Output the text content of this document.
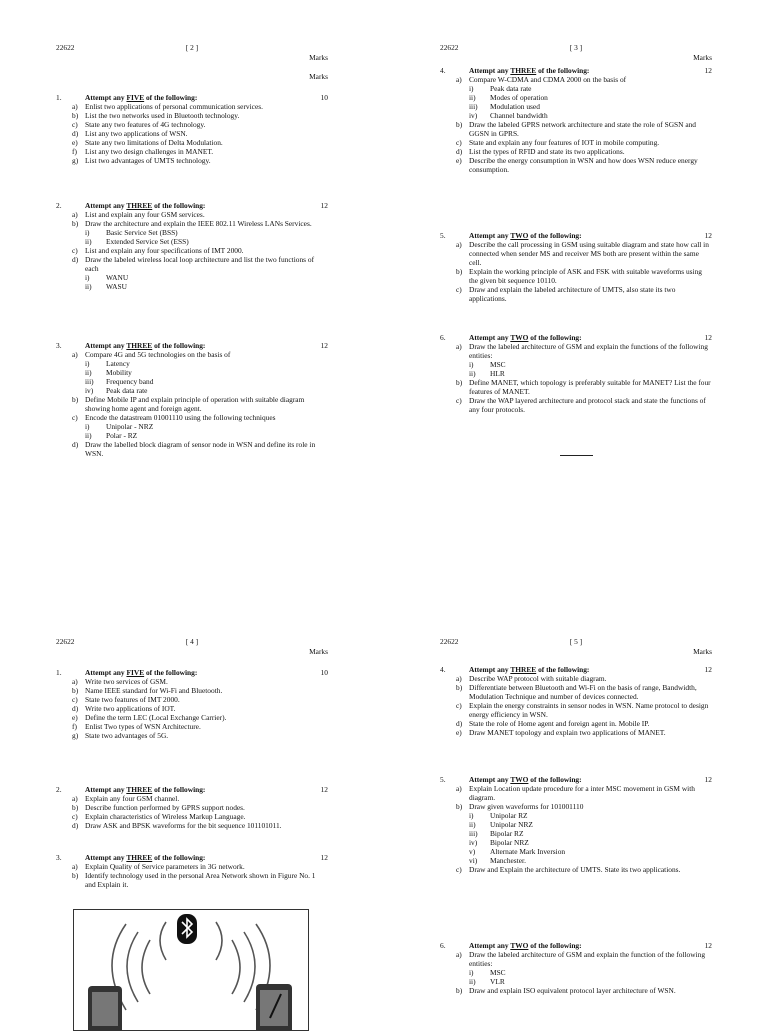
22622	[ 2 ]
Marks
Marks
1.	Attempt any FIVE of the following:	10
a) Enlist two applications of personal communication services.
b) List the two networks used in Bluetooth technology.
c) State any two features of 4G technology.
d) List any two applications of WSN.
e) State any two limitations of Delta Modulation.
f) List any two design challenges in MANET.
g) List two advantages of UMTS technology.
2.	Attempt any THREE of the following:	12
a) List and explain any four GSM services.
b) Draw the architecture and explain the IEEE 802.11 Wireless LANs Services.
i) Basic Service Set (BSS)
ii) Extended Service Set (ESS)
c) List and explain any four specifications of IMT 2000.
d) Draw the labeled wireless local loop architecture and list the two functions of each
i) WANU
ii) WASU
3.	Attempt any THREE of the following:	12
a) Compare 4G and 5G technologies on the basis of
i) Latency
ii) Mobility
iii) Frequency band
iv) Peak data rate
b) Define Mobile IP and explain principle of operation with suitable diagram showing home agent and foreign agent.
c) Encode the datastream 01001110 using the following techniques
i) Unipolar - NRZ
ii) Polar - RZ
d) Draw the labelled block diagram of sensor node in WSN and define its role in WSN.
22622	[ 3 ]
Marks
4.	Attempt any THREE of the following:	12
a) Compare W-CDMA and CDMA 2000 on the basis of
i) Peak data rate
ii) Modes of operation
iii) Modulation used
iv) Channel bandwidth
b) Draw the labeled GPRS network architecture and state the role of SGSN and GGSN in GPRS.
c) State and explain any four features of IOT in mobile computing.
d) List the types of RFID and state its two applications.
e) Describe the energy consumption in WSN and how does WSN reduce energy consumption.
5.	Attempt any TWO of the following:	12
a) Describe the call processing in GSM using suitable diagram and state how call in connected when sender MS and receiver MS both are present within the same cell.
b) Explain the working principle of ASK and FSK with suitable waveforms using the given bit sequence 10110.
c) Draw and explain the labeled architecture of UMTS, also state its two applications.
6.	Attempt any TWO of the following:	12
a) Draw the labeled architecture of GSM and explain the functions of the following entities:
i) MSC
ii) HLR
b) Define MANET, which topology is preferably suitable for MANET? List the four features of MANET.
c) Draw the WAP layered architecture and protocol stack and state the functions of any four protocols.
22622	[ 4 ]
Marks
1.	Attempt any FIVE of the following:	10
a) Write two services of GSM.
b) Name IEEE standard for Wi-Fi and Bluetooth.
c) State two features of IMT 2000.
d) Write two applications of IOT.
e) Define the term LEC (Local Exchange Carrier).
f) Enlist Two types of WSN Architecture.
g) State two advantages of 5G.
2.	Attempt any THREE of the following:	12
a) Explain any four GSM channel.
b) Describe function performed by GPRS support nodes.
c) Explain characteristics of Wireless Markup Language.
d) Draw ASK and BPSK waveforms for the bit sequence 101101011.
3.	Attempt any THREE of the following:	12
a) Explain Quality of Service parameters in 3G network.
b) Identify technology used in the personal Area Network shown in Figure No. 1 and Explain it.
22622	[ 5 ]
Marks
4.	Attempt any THREE of the following:	12
a) Describe WAP protocol with suitable diagram.
b) Differentiate between Bluetooth and Wi-Fi on the basis of range, Bandwidth, Modulation Technique and number of devices connected.
c) Explain the energy constraints in sensor nodes in WSN. Name protocol to design energy efficiency in WSN.
d) State the role of Home agent and foreign agent in. Mobile IP.
e) Draw MANET topology and explain two applications of MANET.
5.	Attempt any TWO of the following:	12
a) Explain Location update procedure for a inter MSC movement in GSM with diagram.
b) Draw given waveforms for 101001110
i) Unipolar RZ
ii) Unipolar NRZ
iii) Bipolar RZ
iv) Bipolar NRZ
v) Alternate Mark Inversion
vi) Manchester.
c) Draw and Explain the architecture of UMTS. State its two applications.
6.	Attempt any TWO of the following:	12
a) Draw the labeled architecture of GSM and explain the function of the following entities:
i) MSC
ii) VLR
b) Draw and explain ISO equivalent protocol layer architecture of WSN.
